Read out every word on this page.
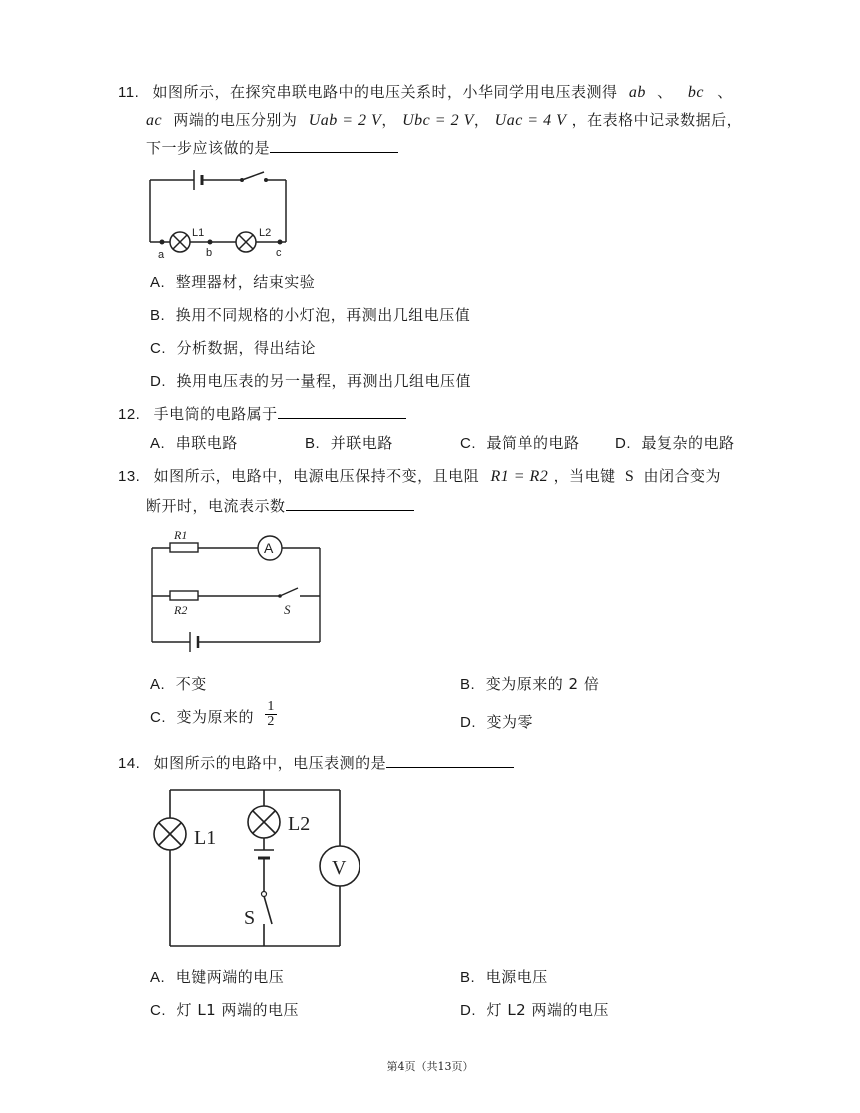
11. 如图所示，在探究串联电路中的电压关系时，小华同学用电压表测得 ab 、 bc 、
ac 两端的电压分别为 Uab = 2 V， Ubc = 2 V， Uac = 4 V ，在表格中记录数据后，
下一步应该做的是
L1	L2
a	b	c
A. 整理器材，结束实验
B. 换用不同规格的小灯泡，再测出几组电压值
C. 分析数据，得出结论
D. 换用电压表的另一量程，再测出几组电压值
12. 手电筒的电路属于
A. 串联电路	B. 并联电路	C. 最简单的电路 D. 最复杂的电路
13. 如图所示，电路中，电源电压保持不变，且电阻 R1 = R2 ，当电键 S 由闭合变为
断开时，电流表示数
A
R1
R2	S
A. 不变	B. 变为原来的 2 倍
C. 变为原来的 $\frac{1}{2}$	D. 变为零
14. 如图所示的电路中，电压表测的是
L1
L2
V
S
A. 电键两端的电压	B. 电源电压
C. 灯 L1 两端的电压	D. 灯 L2 两端的电压
第4页（共13页）
